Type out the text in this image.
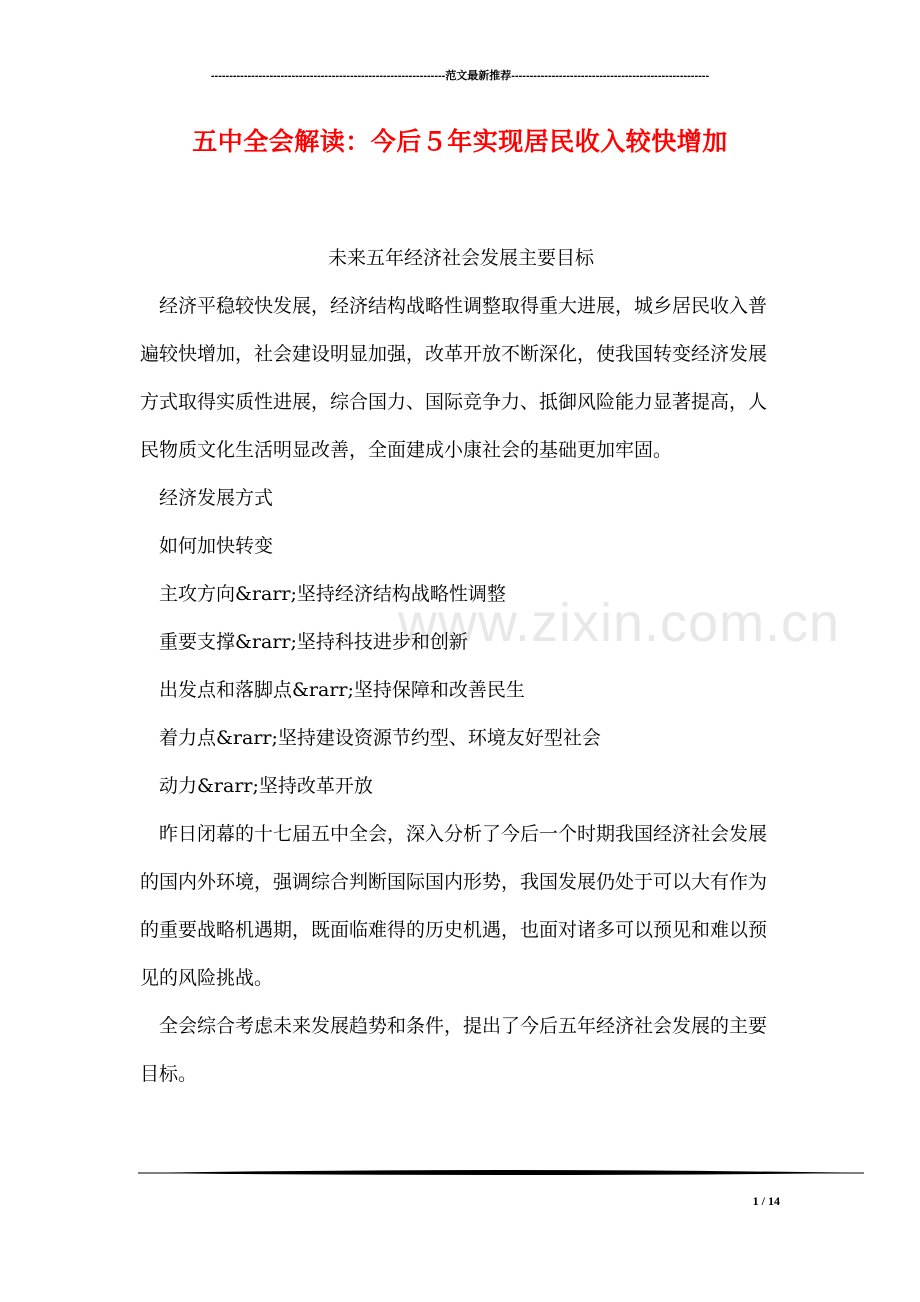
----------------------------------------------------------------范文最新推荐------------------------------------------------------
五中全会解读：今后５年实现居民收入较快增加
www.zixin.com.cn

未来五年经济社会发展主要目标

经济平稳较快发展，经济结构战略性调整取得重大进展，城乡居民收入普遍较快增加，社会建设明显加强，改革开放不断深化，使我国转变经济发展方式取得实质性进展，综合国力、国际竞争力、抵御风险能力显著提高，人民物质文化生活明显改善，全面建成小康社会的基础更加牢固。

经济发展方式

如何加快转变

主攻方向&rarr;坚持经济结构战略性调整

重要支撑&rarr;坚持科技进步和创新

出发点和落脚点&rarr;坚持保障和改善民生

着力点&rarr;坚持建设资源节约型、环境友好型社会

动力&rarr;坚持改革开放

昨日闭幕的十七届五中全会，深入分析了今后一个时期我国经济社会发展的国内外环境，强调综合判断国际国内形势，我国发展仍处于可以大有作为的重要战略机遇期，既面临难得的历史机遇，也面对诸多可以预见和难以预见的风险挑战。

全会综合考虑未来发展趋势和条件，提出了今后五年经济社会发展的主要目标。

1 / 14
